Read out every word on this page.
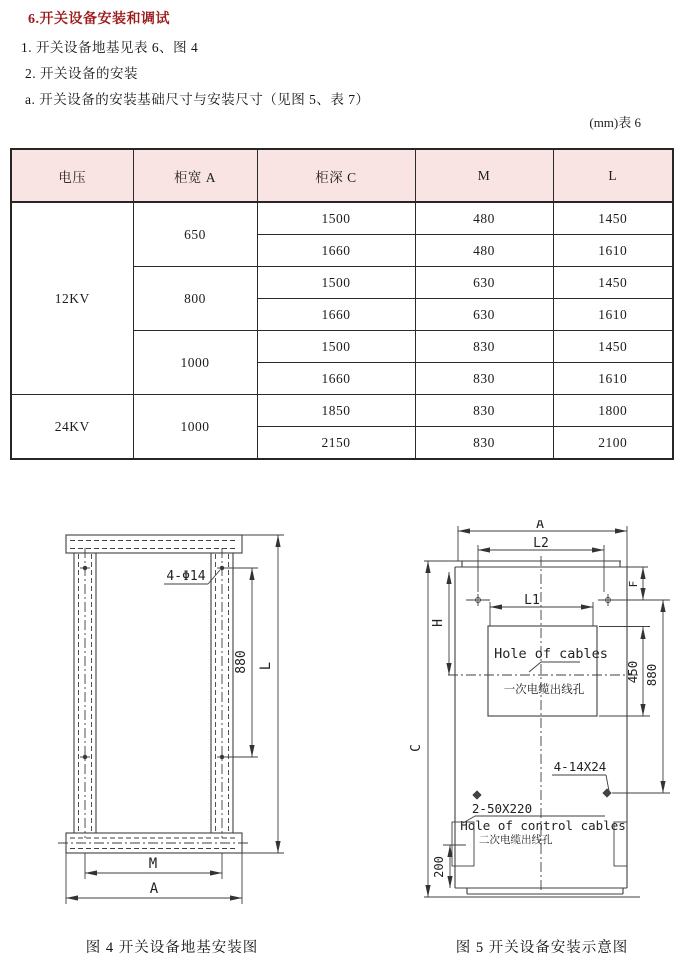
6.开关设备安装和调试
1. 开关设备地基见表 6、图 4
2. 开关设备的安装
a. 开关设备的安装基础尺寸与安装尺寸（见图 5、表 7）
(mm)表 6
电压	柜宽 A	柜深 C	M	L
12KV	650	1500	480	1450
		1660	480	1610
	800	1500	630	1450
		1660	630	1610
	1000	1500	830	1450
		1660	830	1610
24KV	1000	1850	830	1800
		2150	830	2100
4-Φ14
880 L
M
A
A
L2
L1
H
C
F
Hole of cables
一次电缆出线孔
450 880
4-14X24
2-50X220
Hole of control cables
二次电缆出线孔
200
图 4 开关设备地基安装图	图 5 开关设备安装示意图
